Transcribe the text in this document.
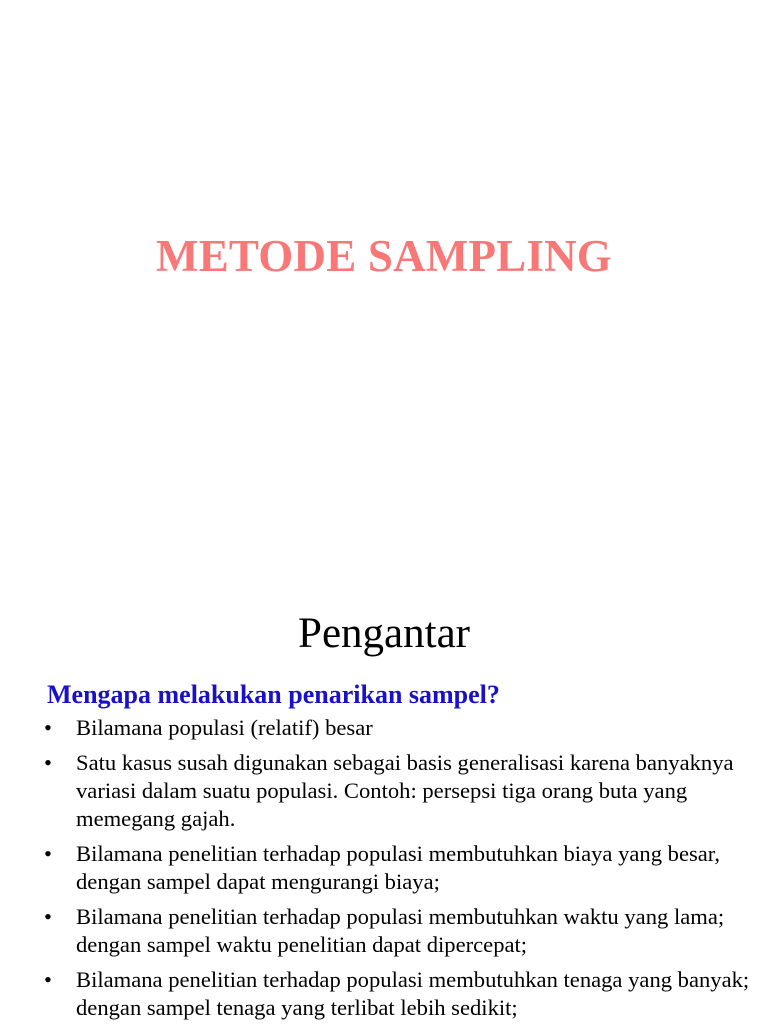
METODE SAMPLING
Pengantar
Mengapa melakukan penarikan sampel?
•	Bilamana populasi (relatif) besar
•	Satu kasus susah digunakan sebagai basis generalisasi karena banyaknya variasi dalam suatu populasi. Contoh: persepsi tiga orang buta yang memegang gajah.
•	Bilamana penelitian terhadap populasi membutuhkan biaya yang besar, dengan sampel dapat mengurangi biaya;
•	Bilamana penelitian terhadap populasi membutuhkan waktu yang lama; dengan sampel waktu penelitian dapat dipercepat;
•	Bilamana penelitian terhadap populasi membutuhkan tenaga yang banyak; dengan sampel tenaga yang terlibat lebih sedikit;
